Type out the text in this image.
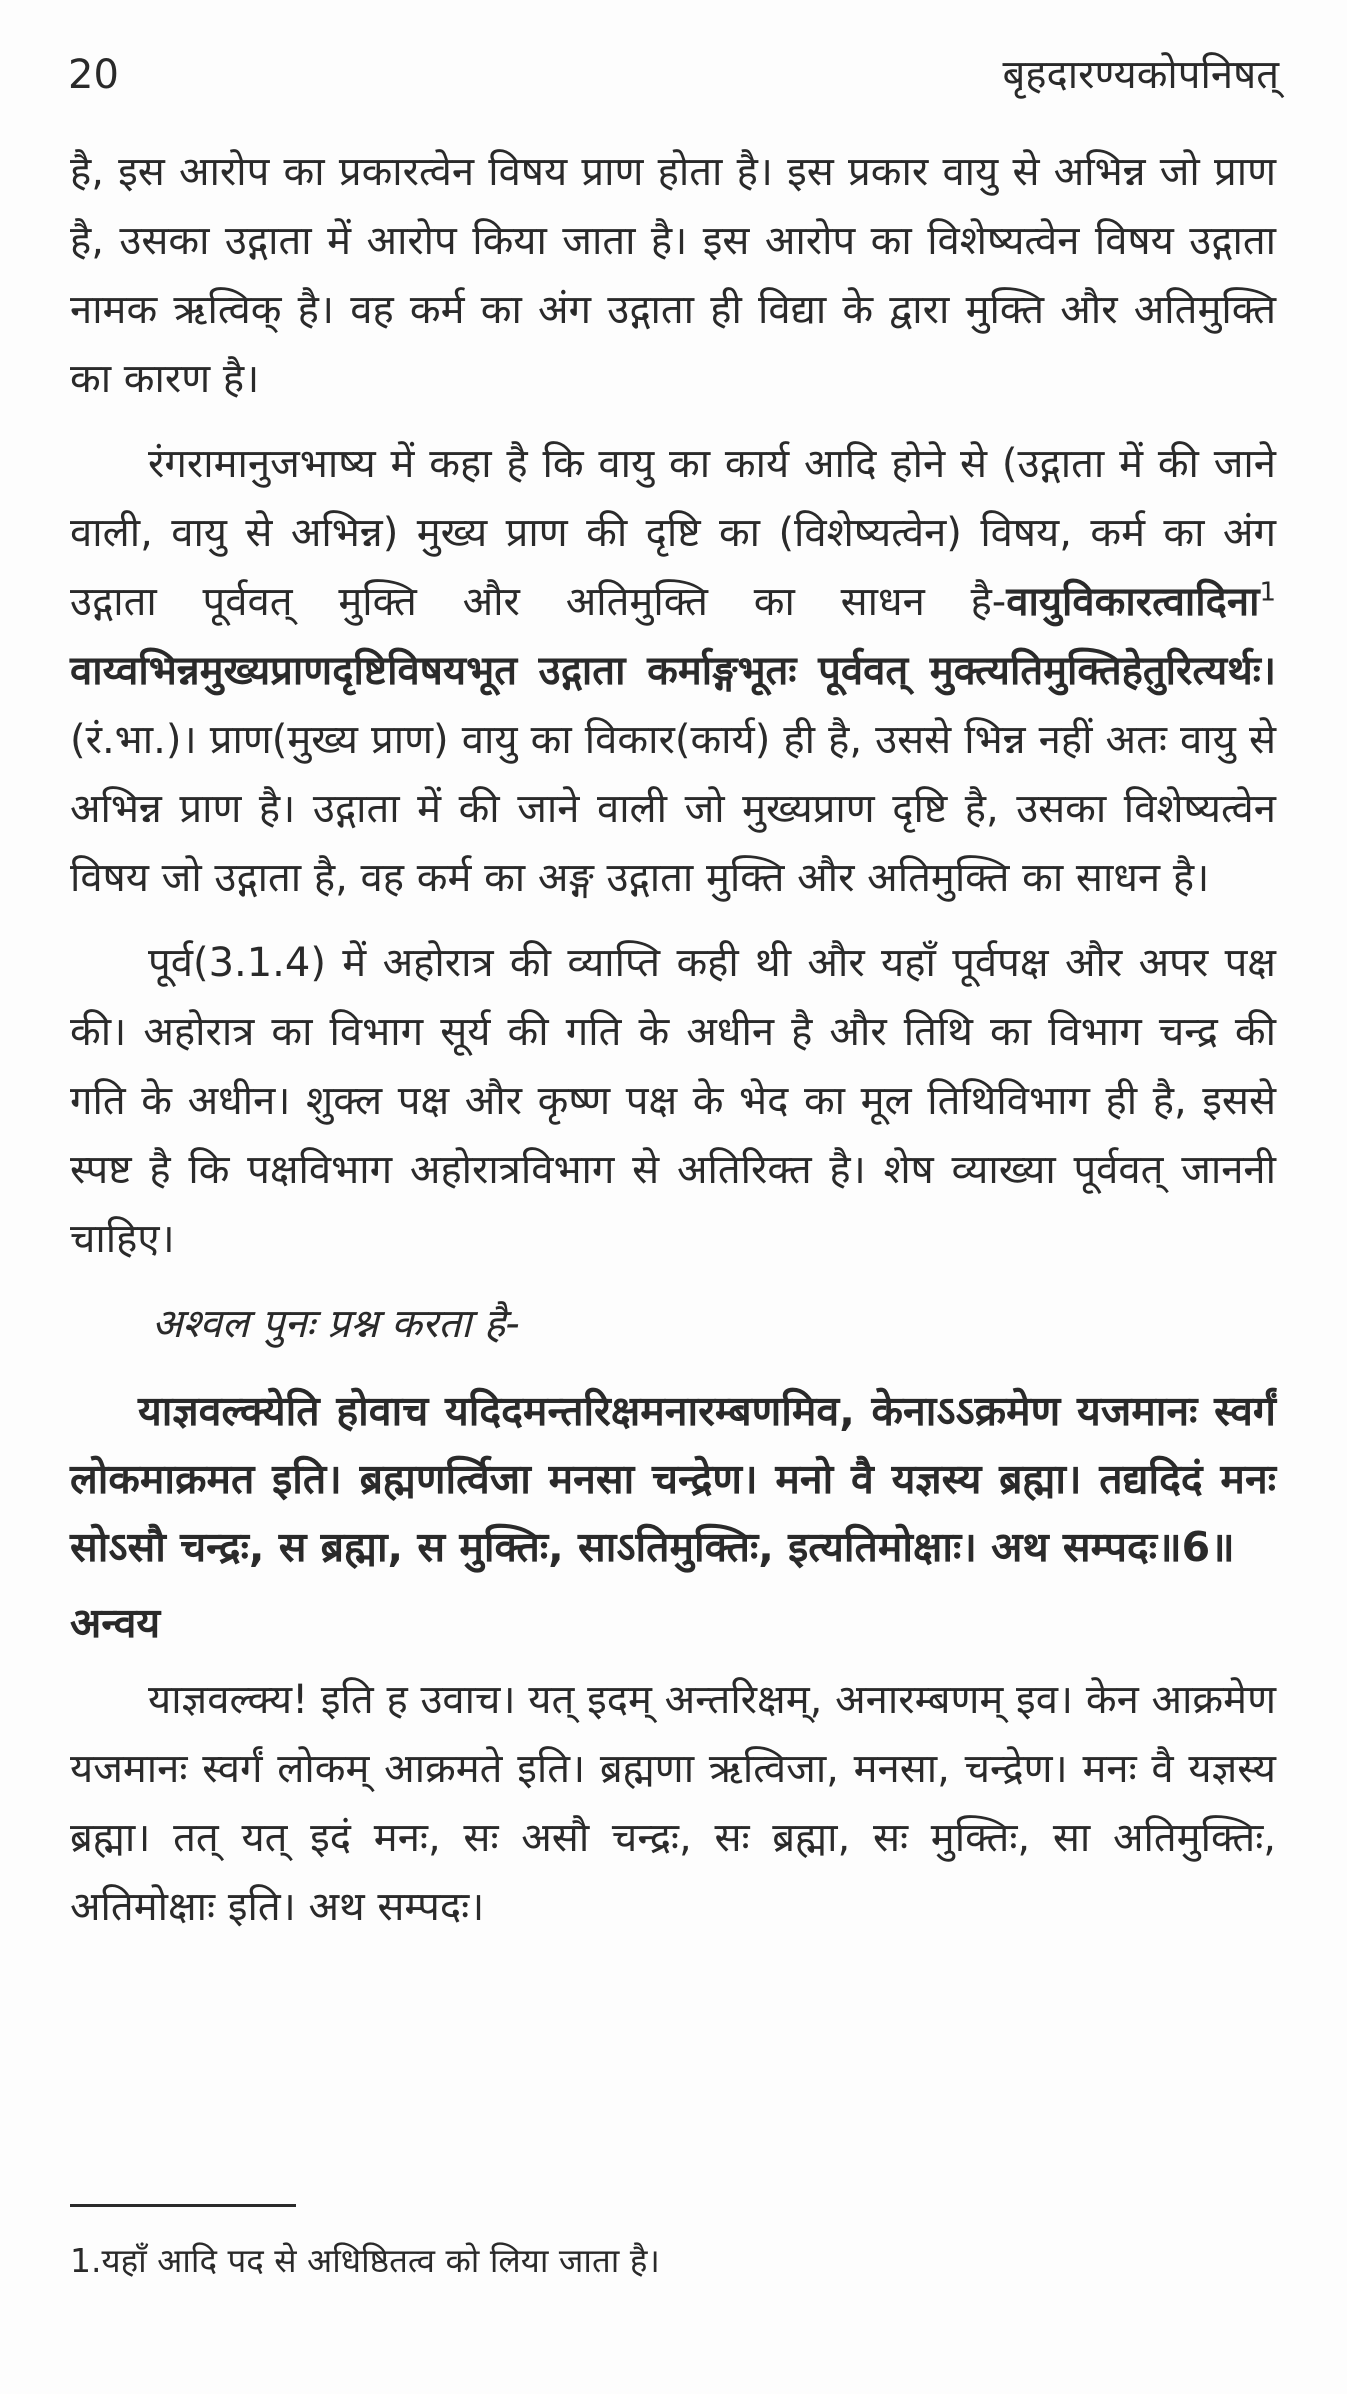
20	बृहदारण्यकोपनिषत्

है, इस आरोप का प्रकारत्वेन विषय प्राण होता है। इस प्रकार वायु से अभिन्न जो प्राण है, उसका उद्गाता में आरोप किया जाता है। इस आरोप का विशेष्यत्वेन विषय उद्गाता नामक ऋत्विक् है। वह कर्म का अंग उद्गाता ही विद्या के द्वारा मुक्ति और अतिमुक्ति का कारण है।

रंगरामानुजभाष्य में कहा है कि वायु का कार्य आदि होने से (उद्गाता में की जाने वाली, वायु से अभिन्न) मुख्य प्राण की दृष्टि का (विशेष्यत्वेन) विषय, कर्म का अंग उद्गाता पूर्ववत् मुक्ति और अतिमुक्ति का साधन है-वायुविकारत्वादिना$^1$ वाय्वभिन्नमुख्यप्राणदृष्टिविषयभूत उद्गाता कर्माङ्गभूतः पूर्ववत् मुक्त्यतिमुक्तिहेतुरित्यर्थः।(रं.भा.)। प्राण(मुख्य प्राण) वायु का विकार(कार्य) ही है, उससे भिन्न नहीं अतः वायु से अभिन्न प्राण है। उद्गाता में की जाने वाली जो मुख्यप्राण दृष्टि है, उसका विशेष्यत्वेन विषय जो उद्गाता है, वह कर्म का अङ्ग उद्गाता मुक्ति और अतिमुक्ति का साधन है।

पूर्व(3.1.4) में अहोरात्र की व्याप्ति कही थी और यहाँ पूर्वपक्ष और अपर पक्ष की। अहोरात्र का विभाग सूर्य की गति के अधीन है और तिथि का विभाग चन्द्र की गति के अधीन। शुक्ल पक्ष और कृष्ण पक्ष के भेद का मूल तिथिविभाग ही है, इससे स्पष्ट है कि पक्षविभाग अहोरात्रविभाग से अतिरिक्त है। शेष व्याख्या पूर्ववत् जाननी चाहिए।

अश्वल पुनः प्रश्न करता है-

याज्ञवल्क्येति होवाच यदिदमन्तरिक्षमनारम्बणमिव, केनाऽऽक्रमेण यजमानः स्वर्गं लोकमाक्रमत इति। ब्रह्मणर्त्विजा मनसा चन्द्रेण। मनो वै यज्ञस्य ब्रह्मा। तद्यदिदं मनः सोऽसौ चन्द्रः, स ब्रह्मा, स मुक्तिः, साऽतिमुक्तिः, इत्यतिमोक्षाः। अथ सम्पदः॥6॥

अन्वय

याज्ञवल्क्य! इति ह उवाच। यत् इदम् अन्तरिक्षम्, अनारम्बणम् इव। केन आक्रमेण यजमानः स्वर्गं लोकम् आक्रमते इति। ब्रह्मणा ऋत्विजा, मनसा, चन्द्रेण। मनः वै यज्ञस्य ब्रह्मा। तत् यत् इदं मनः, सः असौ चन्द्रः, सः ब्रह्मा, सः मुक्तिः, सा अतिमुक्तिः, अतिमोक्षाः इति। अथ सम्पदः।

1.यहाँ आदि पद से अधिष्ठितत्व को लिया जाता है।
